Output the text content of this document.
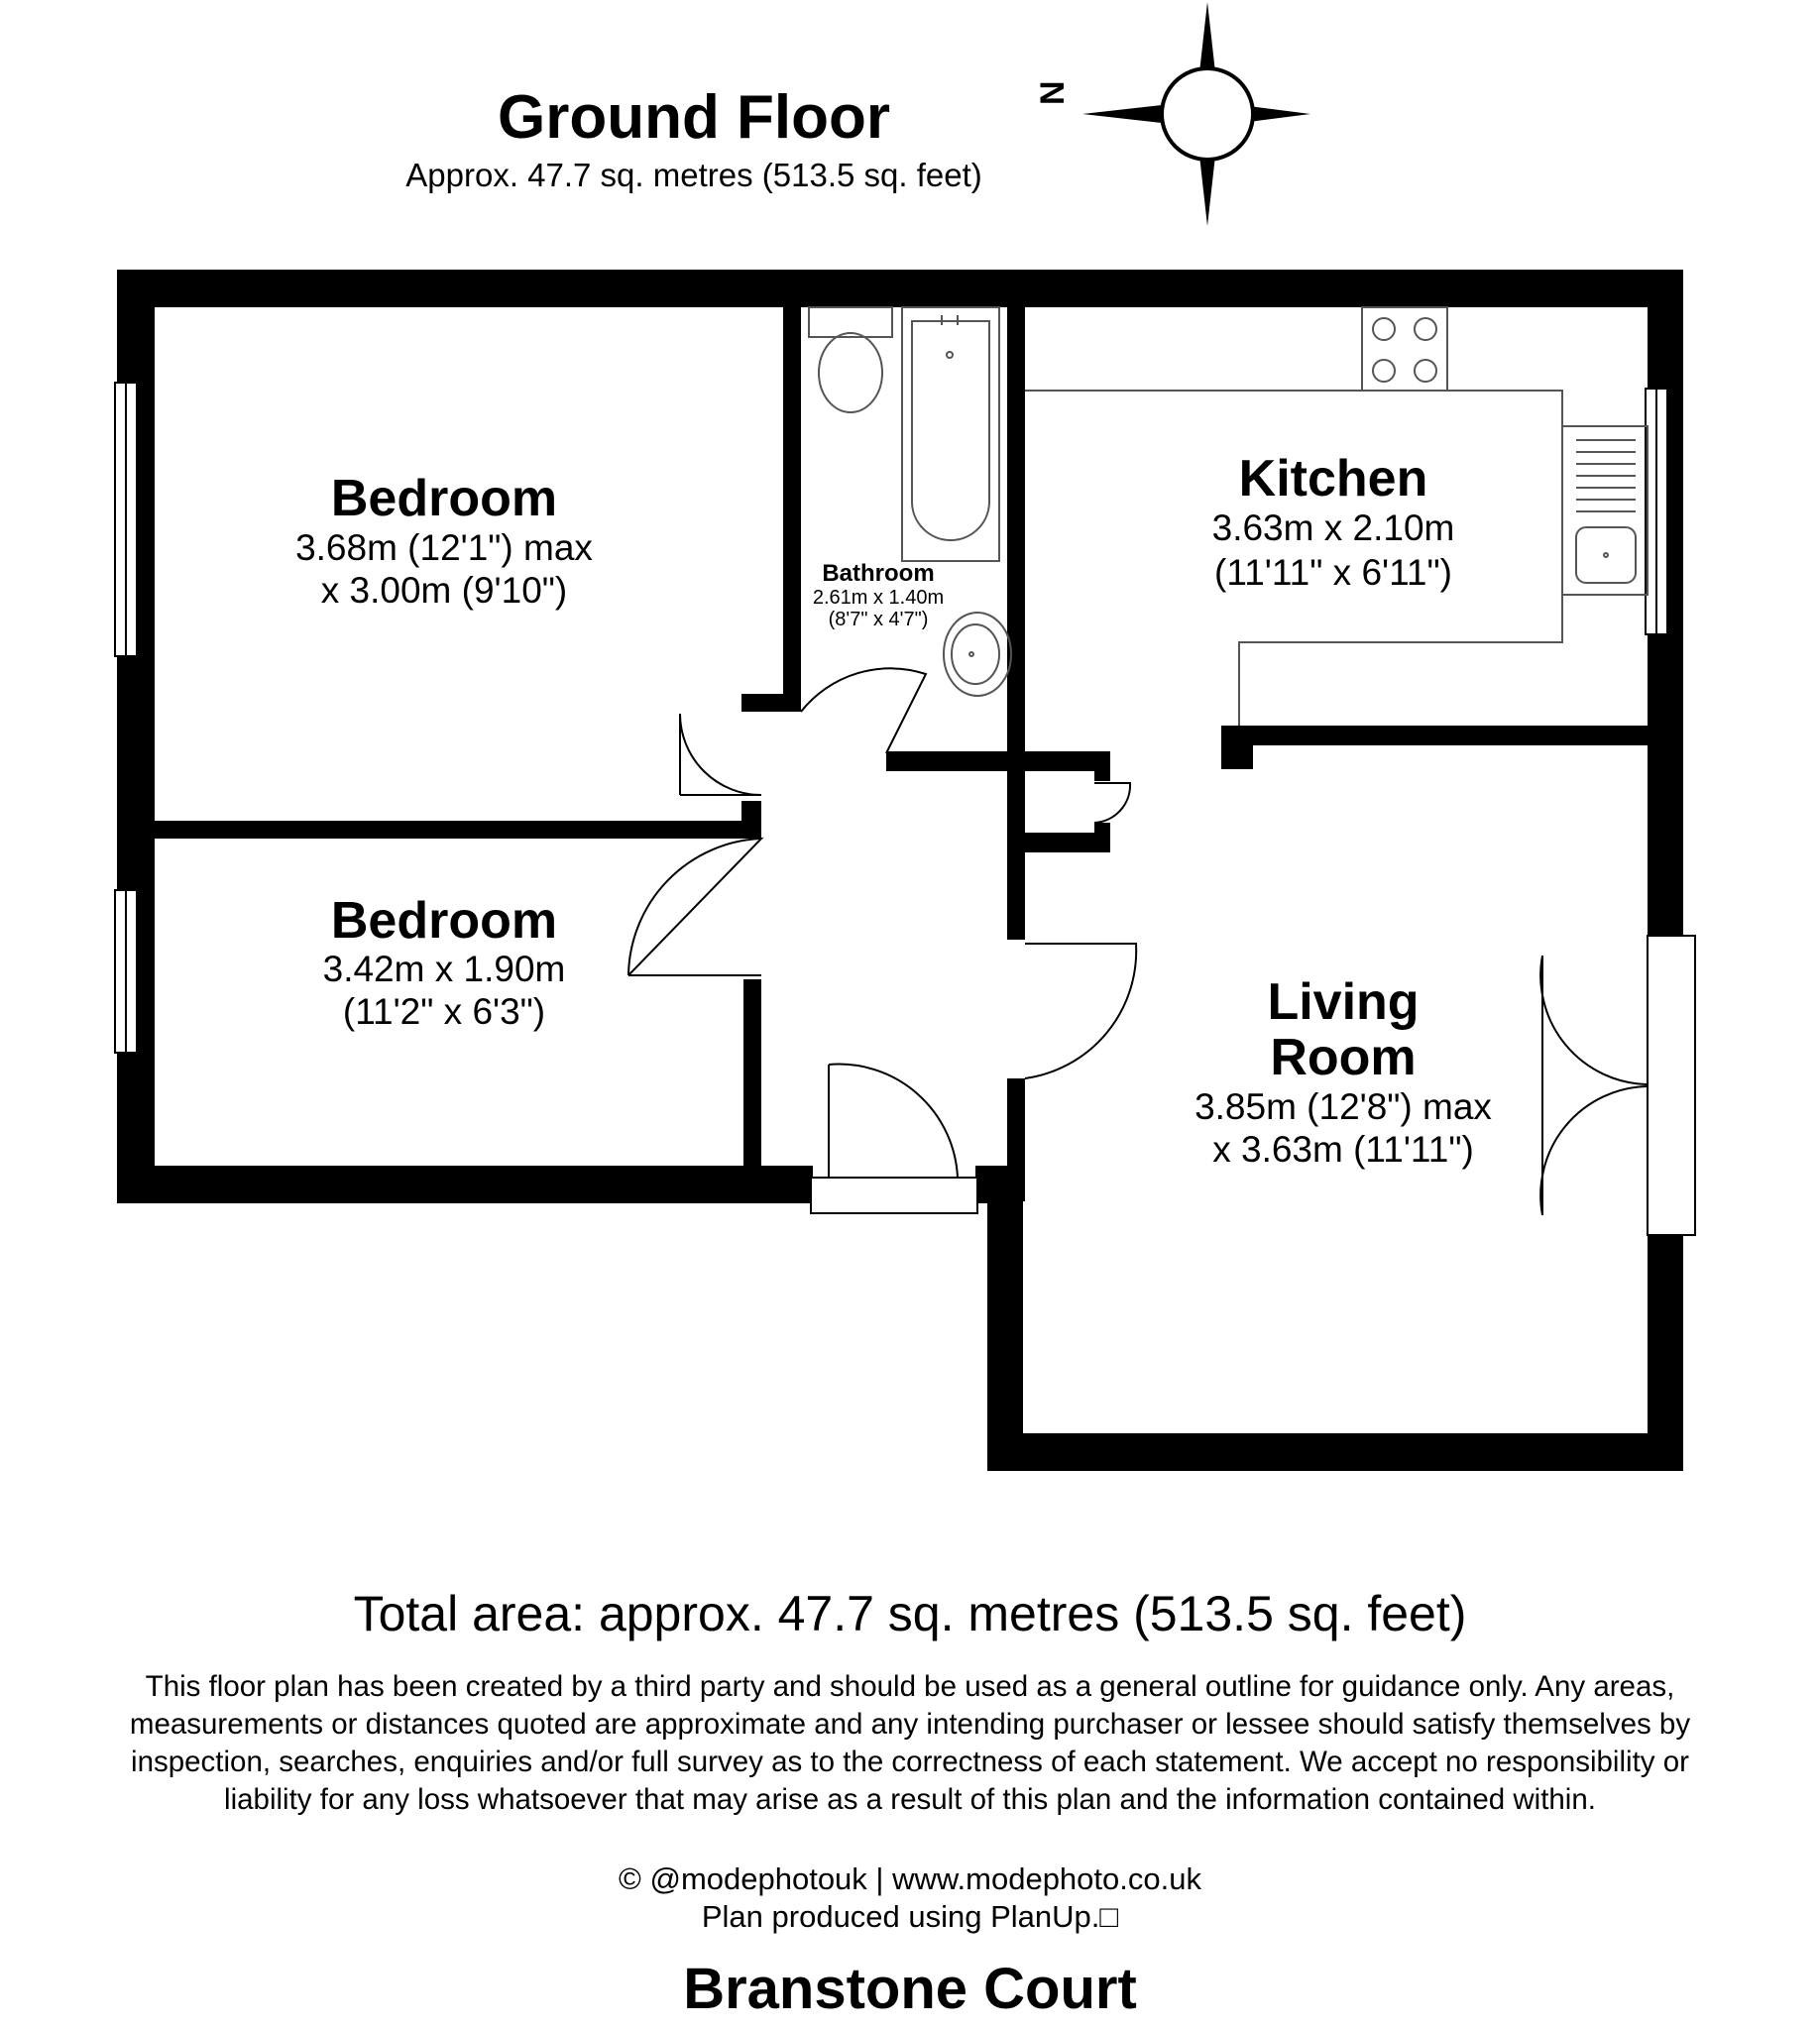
Ground Floor
Approx. 47.7 sq. metres (513.5 sq. feet)
N
Bedroom
3.68m (12'1") max
x 3.00m (9'10")
Bedroom
3.42m x 1.90m
(11'2" x 6'3")
Bathroom
2.61m x 1.40m
(8'7" x 4'7")
Kitchen
3.63m x 2.10m
(11'11" x 6'11")
Living
Room
3.85m (12'8") max
x 3.63m (11'11")
Total area: approx. 47.7 sq. metres (513.5 sq. feet)
This floor plan has been created by a third party and should be used as a general outline for guidance only. Any areas,
measurements or distances quoted are approximate and any intending purchaser or lessee should satisfy themselves by
inspection, searches, enquiries and/or full survey as to the correctness of each statement. We accept no responsibility or
liability for any loss whatsoever that may arise as a result of this plan and the information contained within.
© @modephotouk | www.modephoto.co.uk
Plan produced using PlanUp.□
Branstone Court
